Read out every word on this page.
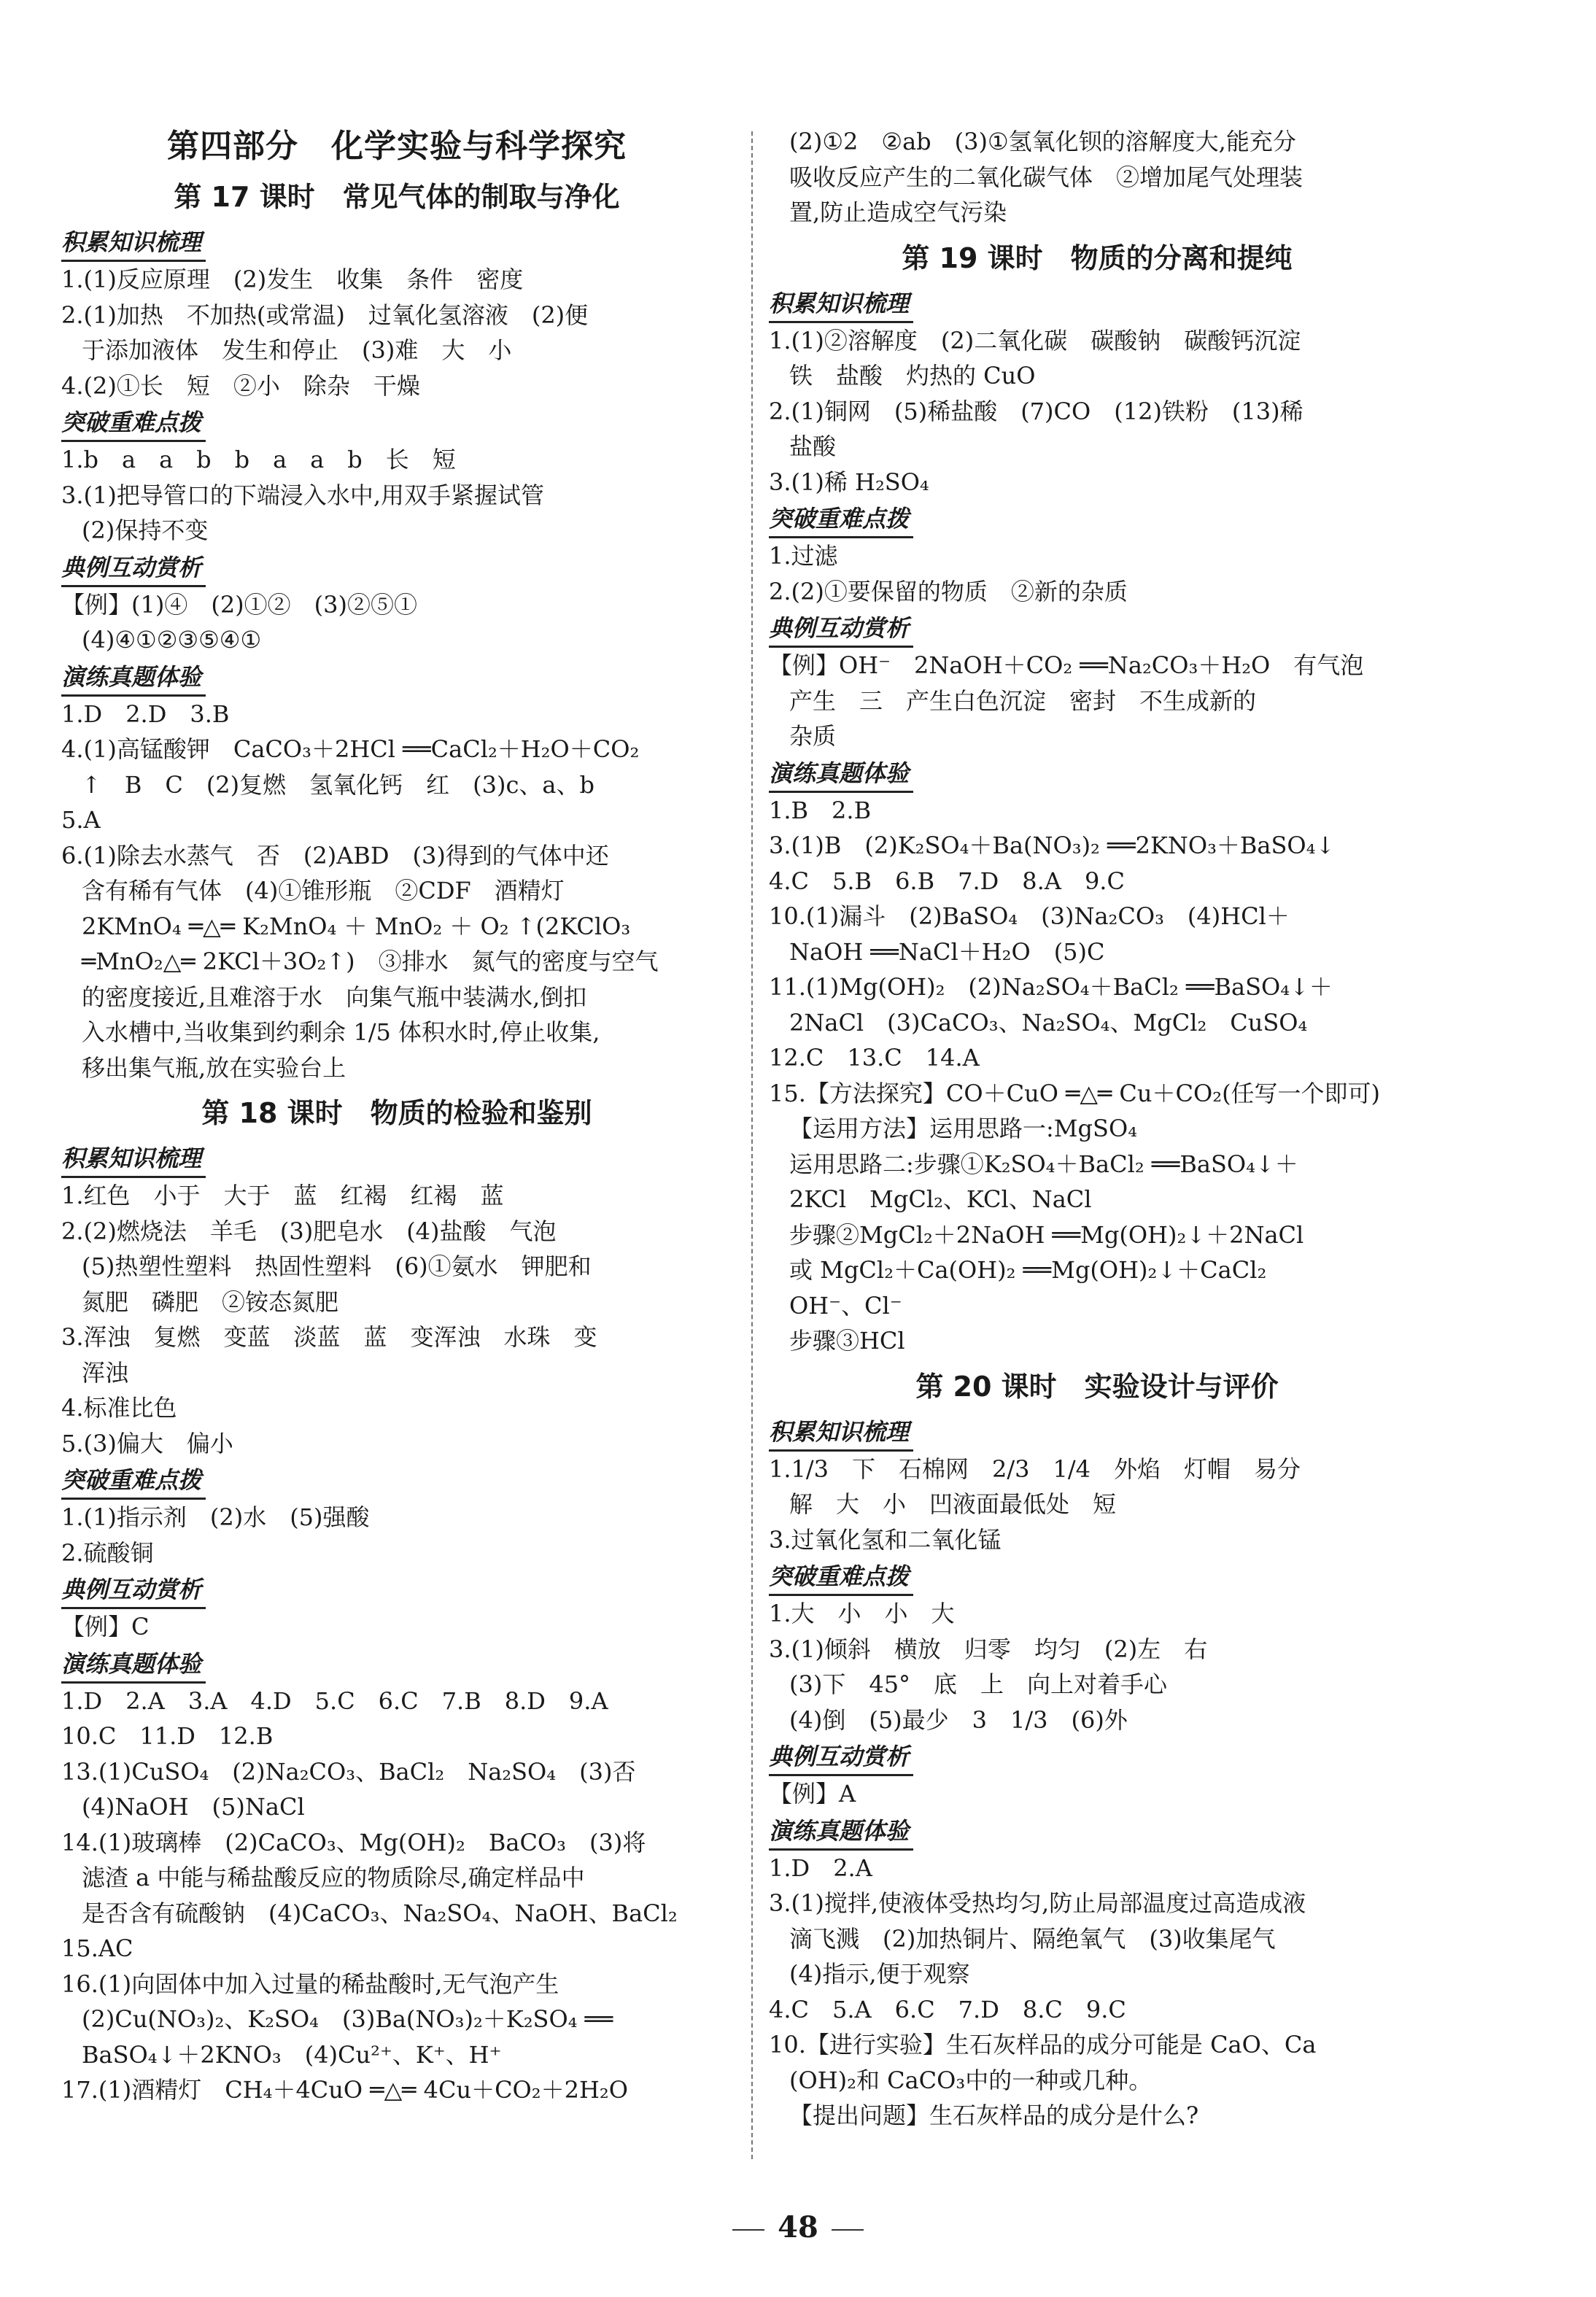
第四部分　化学实验与科学探究
第 17 课时　常见气体的制取与净化
积累知识梳理
1.(1)反应原理　(2)发生　收集　条件　密度
2.(1)加热　不加热(或常温)　过氧化氢溶液　(2)便
于添加液体　发生和停止　(3)难　大　小
4.(2)①长　短　②小　除杂　干燥
突破重难点拨
1.b　a　a　b　b　a　a　b　长　短
3.(1)把导管口的下端浸入水中,用双手紧握试管
(2)保持不变
典例互动赏析
【例】(1)④　(2)①②　(3)②⑤①
(4)④①②③⑤④①
演练真题体验
1.D　2.D　3.B
4.(1)高锰酸钾　CaCO₃＋2HCl ══CaCl₂＋H₂O＋CO₂
↑　B　C　(2)复燃　氢氧化钙　红　(3)c、a、b
5.A
6.(1)除去水蒸气　否　(2)ABD　(3)得到的气体中还
含有稀有气体　(4)①锥形瓶　②CDF　酒精灯
2KMnO₄ ═△═ K₂MnO₄ ＋ MnO₂ ＋ O₂ ↑(2KClO₃
═MnO₂△═ 2KCl＋3O₂↑)　③排水　氮气的密度与空气
的密度接近,且难溶于水　向集气瓶中装满水,倒扣
入水槽中,当收集到约剩余 1/5 体积水时,停止收集,
移出集气瓶,放在实验台上
第 18 课时　物质的检验和鉴别
积累知识梳理
1.红色　小于　大于　蓝　红褐　红褐　蓝
2.(2)燃烧法　羊毛　(3)肥皂水　(4)盐酸　气泡
(5)热塑性塑料　热固性塑料　(6)①氨水　钾肥和
氮肥　磷肥　②铵态氮肥
3.浑浊　复燃　变蓝　淡蓝　蓝　变浑浊　水珠　变
浑浊
4.标准比色
5.(3)偏大　偏小
突破重难点拨
1.(1)指示剂　(2)水　(5)强酸
2.硫酸铜
典例互动赏析
【例】C
演练真题体验
1.D　2.A　3.A　4.D　5.C　6.C　7.B　8.D　9.A
10.C　11.D　12.B
13.(1)CuSO₄　(2)Na₂CO₃、BaCl₂　Na₂SO₄　(3)否
(4)NaOH　(5)NaCl
14.(1)玻璃棒　(2)CaCO₃、Mg(OH)₂　BaCO₃　(3)将
滤渣 a 中能与稀盐酸反应的物质除尽,确定样品中
是否含有硫酸钠　(4)CaCO₃、Na₂SO₄、NaOH、BaCl₂
15.AC
16.(1)向固体中加入过量的稀盐酸时,无气泡产生
(2)Cu(NO₃)₂、K₂SO₄　(3)Ba(NO₃)₂＋K₂SO₄ ══
BaSO₄↓＋2KNO₃　(4)Cu²⁺、K⁺、H⁺
17.(1)酒精灯　CH₄＋4CuO ═△═ 4Cu＋CO₂＋2H₂O
(2)①2　②ab　(3)①氢氧化钡的溶解度大,能充分
吸收反应产生的二氧化碳气体　②增加尾气处理装
置,防止造成空气污染
第 19 课时　物质的分离和提纯
积累知识梳理
1.(1)②溶解度　(2)二氧化碳　碳酸钠　碳酸钙沉淀
铁　盐酸　灼热的 CuO
2.(1)铜网　(5)稀盐酸　(7)CO　(12)铁粉　(13)稀
盐酸
3.(1)稀 H₂SO₄
突破重难点拨
1.过滤
2.(2)①要保留的物质　②新的杂质
典例互动赏析
【例】OH⁻　2NaOH＋CO₂ ══Na₂CO₃＋H₂O　有气泡
产生　三　产生白色沉淀　密封　不生成新的
杂质
演练真题体验
1.B　2.B
3.(1)B　(2)K₂SO₄＋Ba(NO₃)₂ ══2KNO₃＋BaSO₄↓
4.C　5.B　6.B　7.D　8.A　9.C
10.(1)漏斗　(2)BaSO₄　(3)Na₂CO₃　(4)HCl＋
NaOH ══NaCl＋H₂O　(5)C
11.(1)Mg(OH)₂　(2)Na₂SO₄＋BaCl₂ ══BaSO₄↓＋
2NaCl　(3)CaCO₃、Na₂SO₄、MgCl₂　CuSO₄
12.C　13.C　14.A
15.【方法探究】CO＋CuO ═△═ Cu＋CO₂(任写一个即可)
【运用方法】运用思路一:MgSO₄
运用思路二:步骤①K₂SO₄＋BaCl₂ ══BaSO₄↓＋
2KCl　MgCl₂、KCl、NaCl
步骤②MgCl₂＋2NaOH ══Mg(OH)₂↓＋2NaCl
或 MgCl₂＋Ca(OH)₂ ══Mg(OH)₂↓＋CaCl₂
OH⁻、Cl⁻
步骤③HCl
第 20 课时　实验设计与评价
积累知识梳理
1.1/3　下　石棉网　2/3　1/4　外焰　灯帽　易分
解　大　小　凹液面最低处　短
3.过氧化氢和二氧化锰
突破重难点拨
1.大　小　小　大
3.(1)倾斜　横放　归零　均匀　(2)左　右
(3)下　45°　底　上　向上对着手心
(4)倒　(5)最少　3　1/3　(6)外
典例互动赏析
【例】A
演练真题体验
1.D　2.A
3.(1)搅拌,使液体受热均匀,防止局部温度过高造成液
滴飞溅　(2)加热铜片、隔绝氧气　(3)收集尾气
(4)指示,便于观察
4.C　5.A　6.C　7.D　8.C　9.C
10.【进行实验】生石灰样品的成分可能是 CaO、Ca
(OH)₂和 CaCO₃中的一种或几种。
【提出问题】生石灰样品的成分是什么?
48
